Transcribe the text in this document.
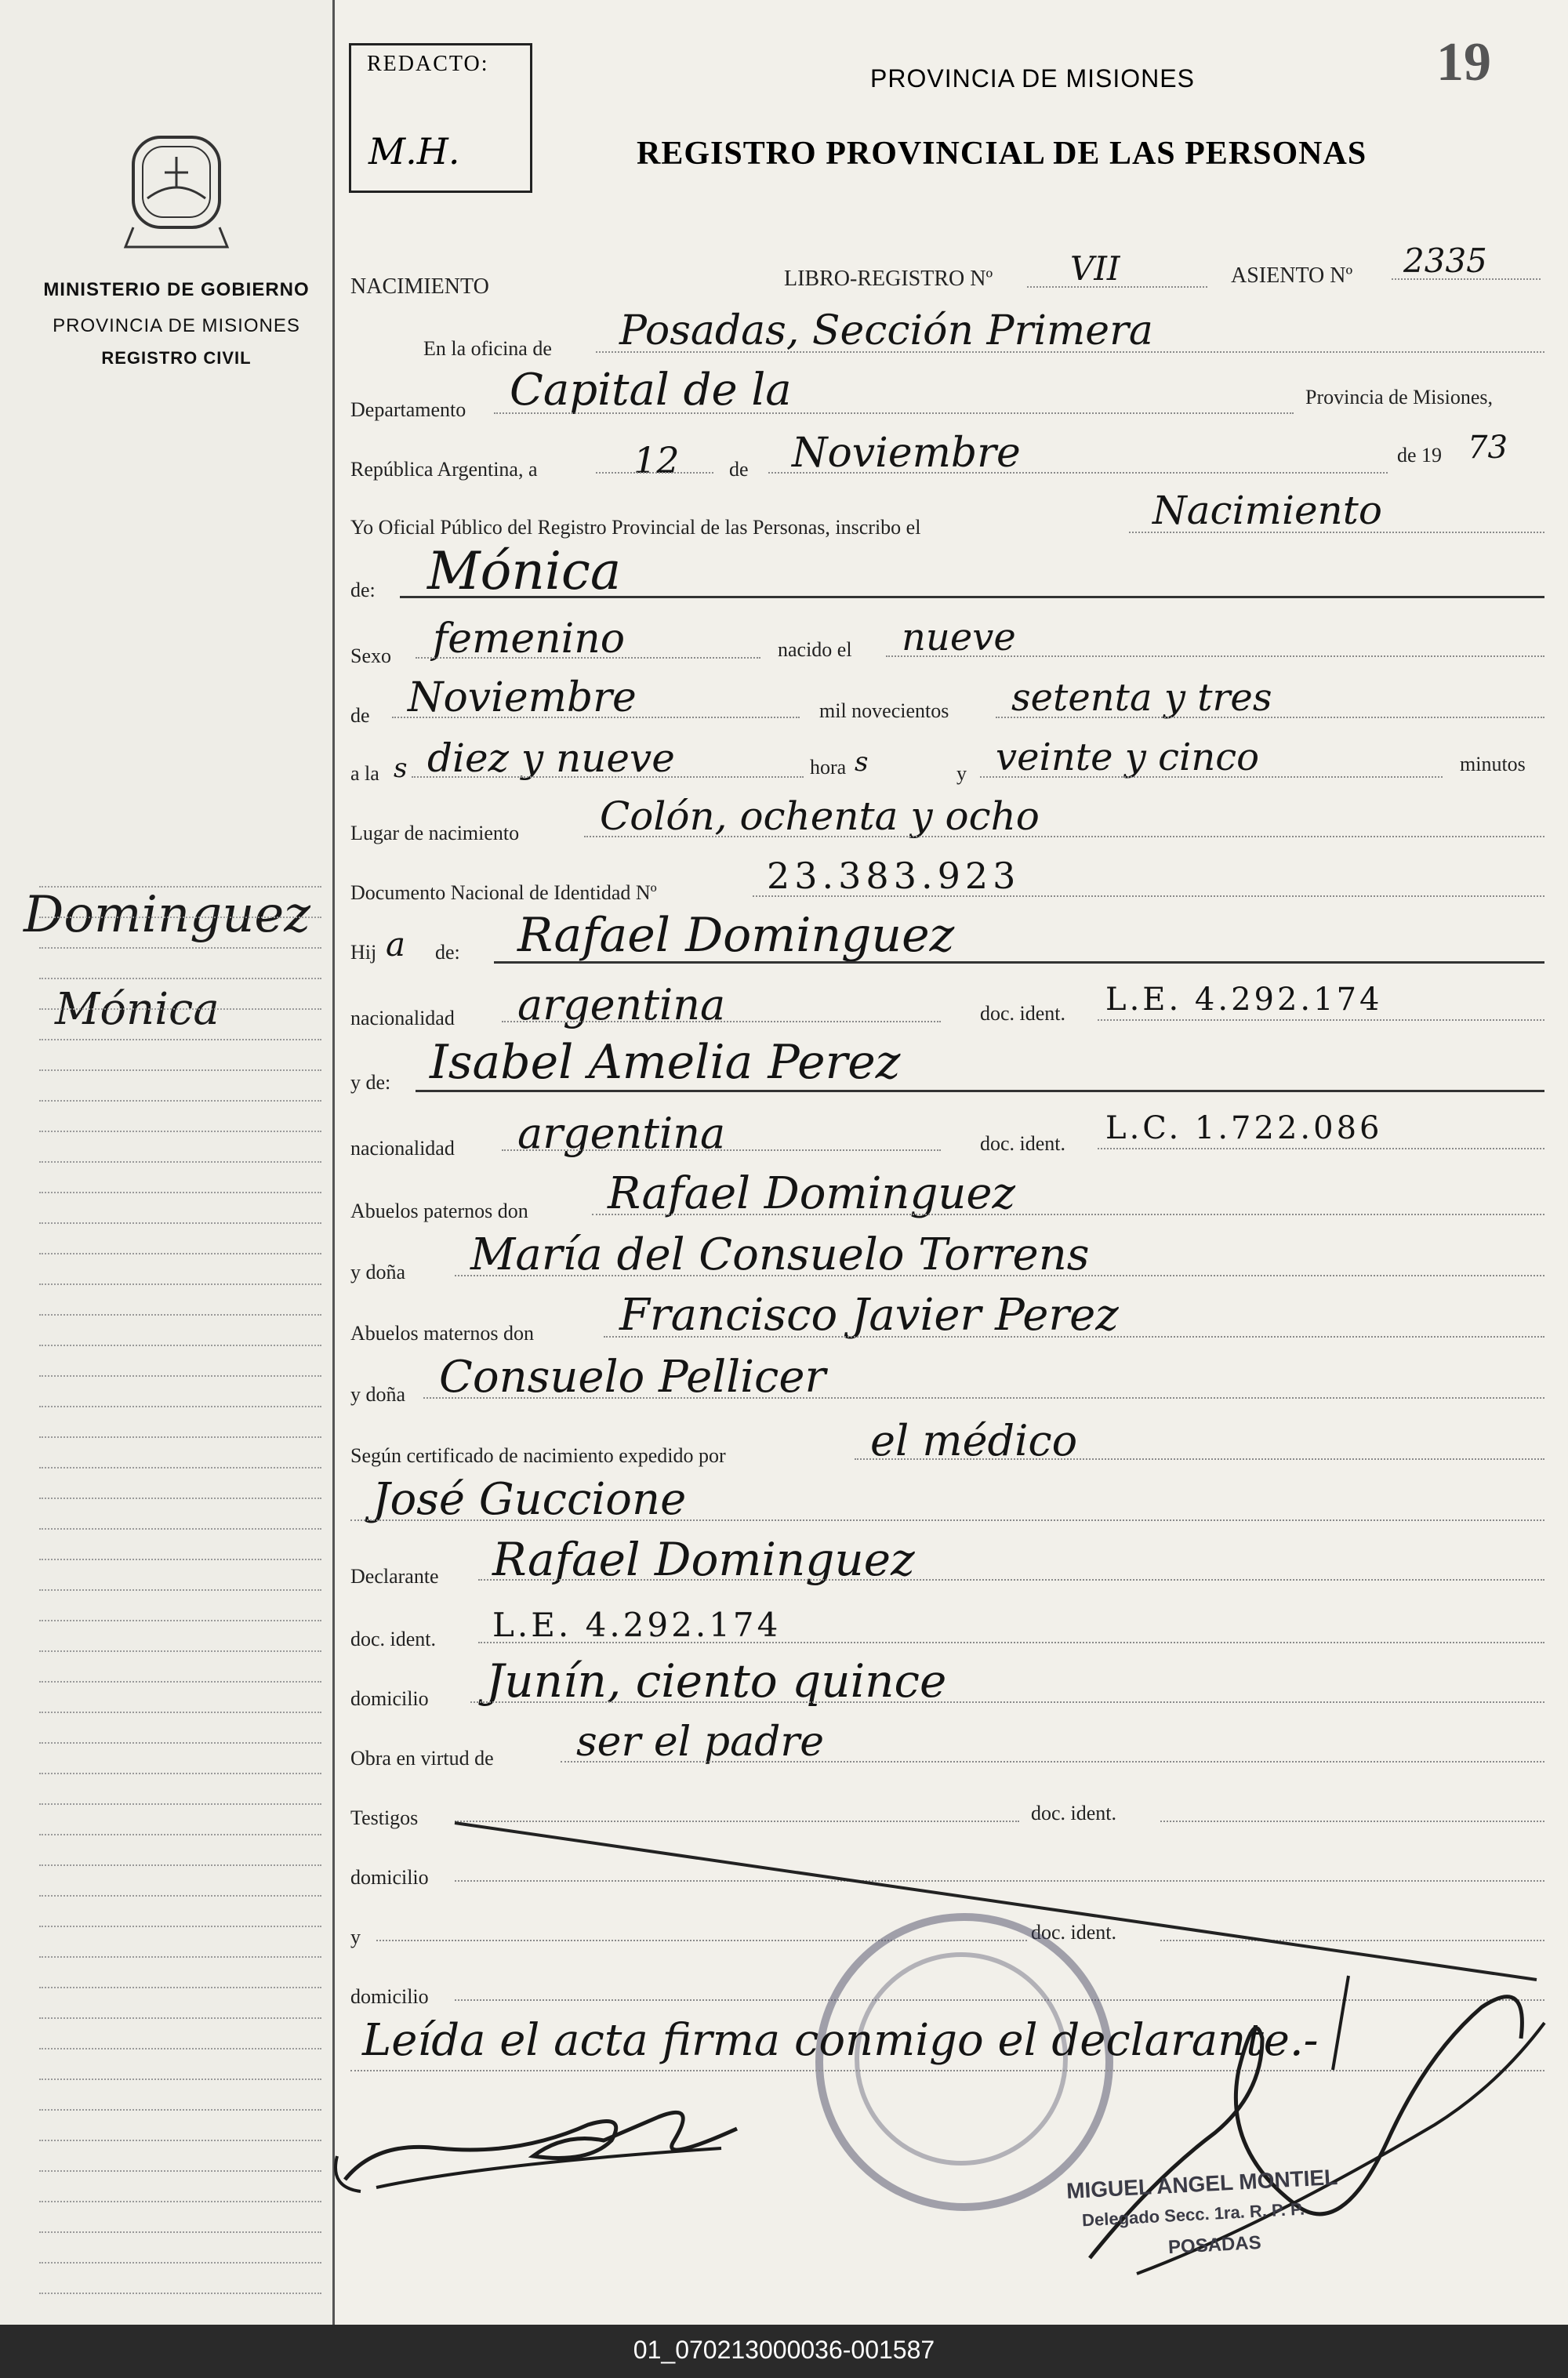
MINISTERIO DE GOBIERNO
PROVINCIA DE MISIONES
REGISTRO CIVIL
Dominguez
Mónica
REDACTO:
M.H.
19
PROVINCIA DE MISIONES
REGISTRO PROVINCIAL DE LAS PERSONAS
NACIMIENTO	LIBRO-REGISTRO Nº VII	ASIENTO Nº 2335
En la oficina de Posadas, Sección Primera
Departamento Capital de la	Provincia de Misiones,
República Argentina, a	12 de Noviembre	de 19 73
Yo Oficial Público del Registro Provincial de las Personas, inscribo el	Nacimiento
de: Mónica
Sexo femenino	nacido el nueve
de Noviembre	mil novecientos setenta y tres
a la s diez y nueve	hora s	y veinte y cinco	minutos
Lugar de nacimiento Colón, ochenta y ocho
Documento Nacional de Identidad Nº	23.383.923
Hij a de: Rafael Dominguez
nacionalidad argentina	doc. ident. L.E. 4.292.174
y de: Isabel Amelia Perez
nacionalidad argentina	doc. ident. L.C. 1.722.086
Abuelos paternos don Rafael Dominguez
y doña María del Consuelo Torrens
Abuelos maternos don Francisco Javier Perez
y doña Consuelo Pellicer
Según certificado de nacimiento expedido por	el médico
José Guccione
Declarante Rafael Dominguez
doc. ident. L.E. 4.292.174
domicilio Junín, ciento quince
Obra en virtud de ser el padre
Testigos	doc. ident.
domicilio
y	doc. ident.
domicilio
Leída el acta firma conmigo el declarante.-
MIGUEL ANGEL MONTIEL
Delegado Secc. 1ra. R. P. P.
POSADAS
01_070213000036-001587
